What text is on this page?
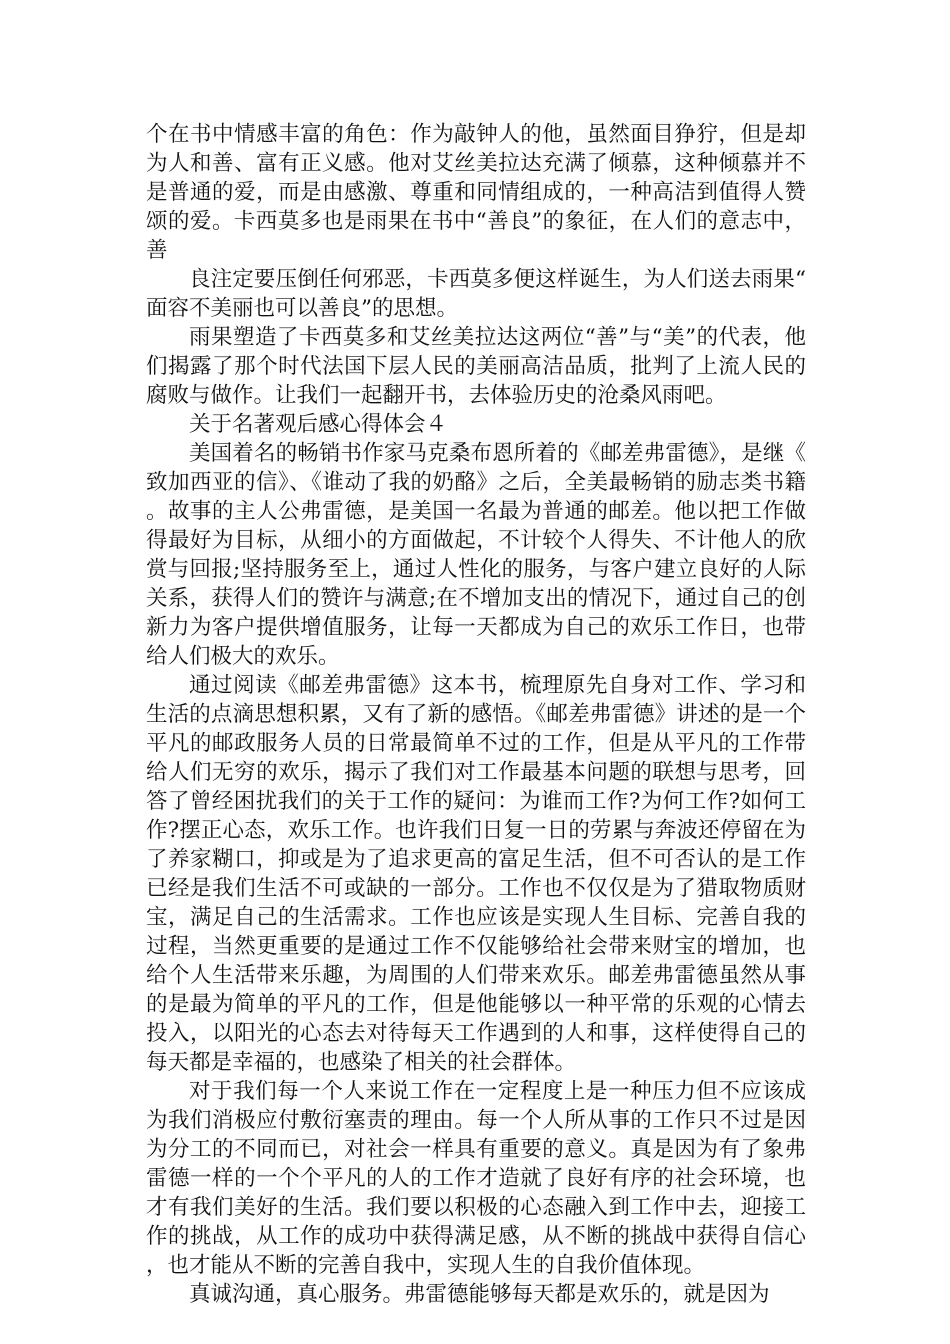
个在书中情感丰富的角色：作为敲钟人的他，虽然面目狰狞，但是却为人和善、富有正义感。他对艾丝美拉达充满了倾慕，这种倾慕并不是普通的爱，而是由感激、尊重和同情组成的，一种高洁到值得人赞颂的爱。卡西莫多也是雨果在书中“善良”的象征，在人们的意志中，善

良注定要压倒任何邪恶，卡西莫多便这样诞生，为人们送去雨果“面容不美丽也可以善良”的思想。

雨果塑造了卡西莫多和艾丝美拉达这两位“善”与“美”的代表，他们揭露了那个时代法国下层人民的美丽高洁品质，批判了上流人民的腐败与做作。让我们一起翻开书，去体验历史的沧桑风雨吧。

关于名著观后感心得体会４

美国着名的畅销书作家马克桑布恩所着的《邮差弗雷德》，是继《致加西亚的信》、《谁动了我的奶酪》之后，全美最畅销的励志类书籍。故事的主人公弗雷德，是美国一名最为普通的邮差。他以把工作做得最好为目标，从细小的方面做起，不计较个人得失、不计他人的欣赏与回报;坚持服务至上，通过人性化的服务，与客户建立良好的人际关系，获得人们的赞许与满意;在不增加支出的情况下，通过自己的创新力为客户提供增值服务，让每一天都成为自己的欢乐工作日，也带给人们极大的欢乐。

通过阅读《邮差弗雷德》这本书，梳理原先自身对工作、学习和生活的点滴思想积累，又有了新的感悟。《邮差弗雷德》讲述的是一个平凡的邮政服务人员的日常最简单不过的工作，但是从平凡的工作带给人们无穷的欢乐，揭示了我们对工作最基本问题的联想与思考，回答了曾经困扰我们的关于工作的疑问：为谁而工作?为何工作?如何工作?摆正心态，欢乐工作。也许我们日复一日的劳累与奔波还停留在为了养家糊口，抑或是为了追求更高的富足生活，但不可否认的是工作已经是我们生活不可或缺的一部分。工作也不仅仅是为了猎取物质财宝，满足自己的生活需求。工作也应该是实现人生目标、完善自我的过程，当然更重要的是通过工作不仅能够给社会带来财宝的增加，也给个人生活带来乐趣，为周围的人们带来欢乐。邮差弗雷德虽然从事的是最为简单的平凡的工作，但是他能够以一种平常的乐观的心情去投入，以阳光的心态去对待每天工作遇到的人和事，这样使得自己的每天都是幸福的，也感染了相关的社会群体。

对于我们每一个人来说工作在一定程度上是一种压力但不应该成为我们消极应付敷衍塞责的理由。每一个人所从事的工作只不过是因为分工的不同而已，对社会一样具有重要的意义。真是因为有了象弗雷德一样的一个个平凡的人的工作才造就了良好有序的社会环境，也才有我们美好的生活。我们要以积极的心态融入到工作中去，迎接工作的挑战，从工作的成功中获得满足感，从不断的挑战中获得自信心，也才能从不断的完善自我中，实现人生的自我价值体现。

真诚沟通，真心服务。弗雷德能够每天都是欢乐的，就是因为
